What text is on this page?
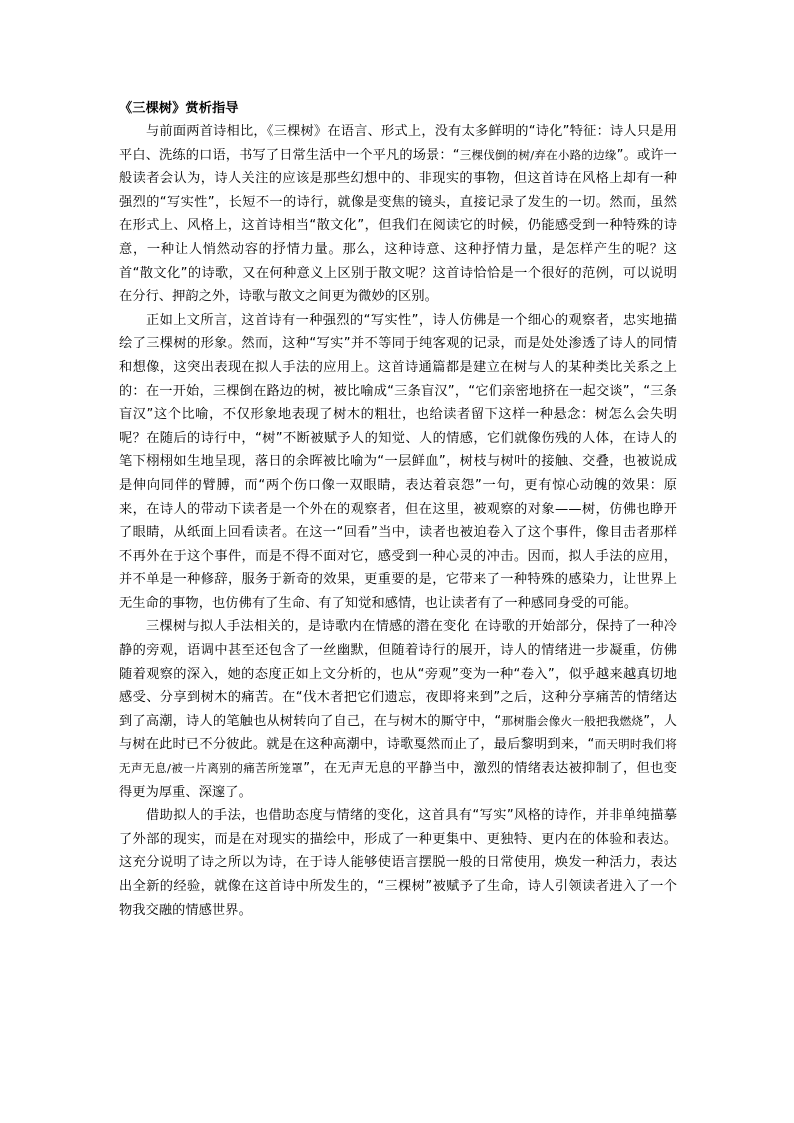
《三棵树》赏析指导

与前面两首诗相比，《三棵树》在语言、形式上，没有太多鲜明的“诗化”特征：诗人只是用平白、洗练的口语，书写了日常生活中一个平凡的场景：“三棵伐倒的树/弃在小路的边缘”。或许一般读者会认为，诗人关注的应该是那些幻想中的、非现实的事物，但这首诗在风格上却有一种强烈的“写实性”，长短不一的诗行，就像是变焦的镜头，直接记录了发生的一切。然而，虽然在形式上、风格上，这首诗相当“散文化”，但我们在阅读它的时候，仍能感受到一种特殊的诗意，一种让人悄然动容的抒情力量。那么，这种诗意、这种抒情力量，是怎样产生的呢？这首“散文化”的诗歌，又在何种意义上区别于散文呢？这首诗恰恰是一个很好的范例，可以说明在分行、押韵之外，诗歌与散文之间更为微妙的区别。

正如上文所言，这首诗有一种强烈的“写实性”，诗人仿佛是一个细心的观察者，忠实地描绘了三棵树的形象。然而，这种“写实”并不等同于纯客观的记录，而是处处渗透了诗人的同情和想像，这突出表现在拟人手法的应用上。这首诗通篇都是建立在树与人的某种类比关系之上的：在一开始，三棵倒在路边的树，被比喻成“三条盲汉”，“它们亲密地挤在一起交谈”，“三条盲汉”这个比喻，不仅形象地表现了树木的粗壮，也给读者留下这样一种悬念：树怎么会失明呢？在随后的诗行中，“树”不断被赋予人的知觉、人的情感，它们就像伤残的人体，在诗人的笔下栩栩如生地呈现，落日的余晖被比喻为“一层鲜血”，树枝与树叶的接触、交叠，也被说成是伸向同伴的臂膊，而“两个伤口像一双眼睛，表达着哀怨”一句，更有惊心动魄的效果：原来，在诗人的带动下读者是一个外在的观察者，但在这里，被观察的对象——树，仿佛也睁开了眼睛，从纸面上回看读者。在这一“回看”当中，读者也被迫卷入了这个事件，像目击者那样不再外在于这个事件，而是不得不面对它，感受到一种心灵的冲击。因而，拟人手法的应用，并不单是一种修辞，服务于新奇的效果，更重要的是，它带来了一种特殊的感染力，让世界上无生命的事物，也仿佛有了生命、有了知觉和感情，也让读者有了一种感同身受的可能。

三棵树与拟人手法相关的，是诗歌内在情感的潜在变化 在诗歌的开始部分，保持了一种冷静的旁观，语调中甚至还包含了一丝幽默，但随着诗行的展开，诗人的情绪进一步凝重，仿佛随着观察的深入，她的态度正如上文分析的，也从“旁观”变为一种“卷入”，似乎越来越真切地感受、分享到树木的痛苦。在“伐木者把它们遗忘，夜即将来到”之后，这种分享痛苦的情绪达到了高潮，诗人的笔触也从树转向了自己，在与树木的厮守中，“那树脂会像火一般把我燃烧”，人与树在此时已不分彼此。就是在这种高潮中，诗歌戛然而止了，最后黎明到来，“而天明时我们将无声无息/被一片离别的痛苦所笼罩”，在无声无息的平静当中，激烈的情绪表达被抑制了，但也变得更为厚重、深邃了。

借助拟人的手法，也借助态度与情绪的变化，这首具有“写实”风格的诗作，并非单纯描摹了外部的现实，而是在对现实的描绘中，形成了一种更集中、更独特、更内在的体验和表达。这充分说明了诗之所以为诗，在于诗人能够使语言摆脱一般的日常使用，焕发一种活力，表达出全新的经验，就像在这首诗中所发生的，“三棵树”被赋予了生命，诗人引领读者进入了一个物我交融的情感世界。
